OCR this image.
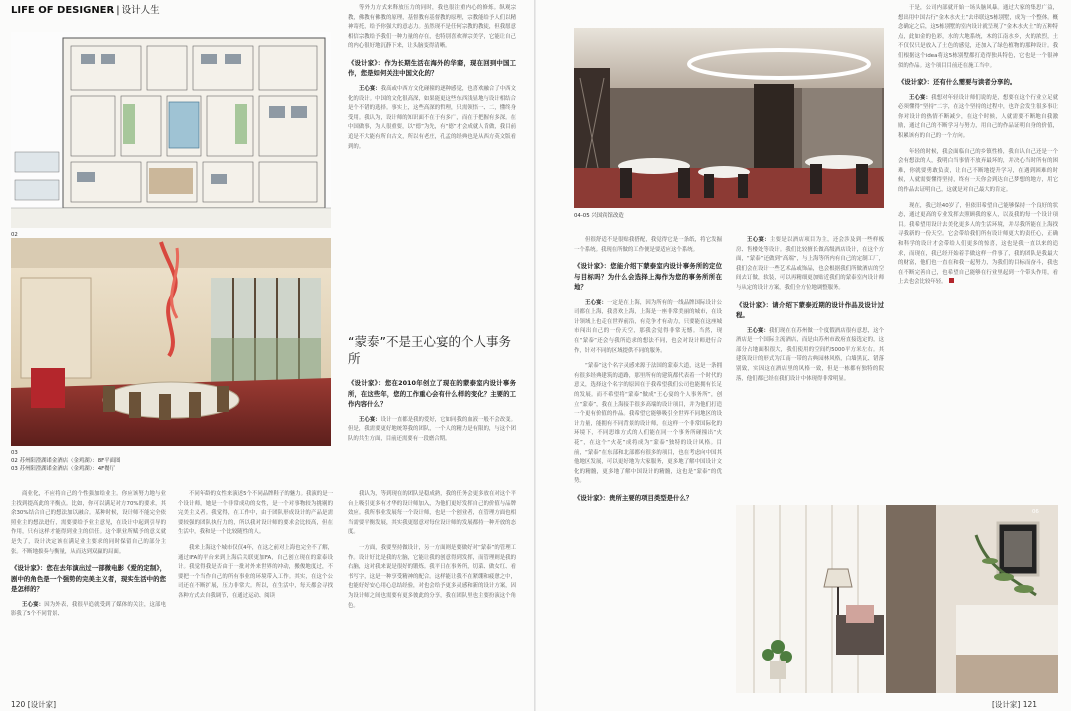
LIFE OF DESIGNER | 设计人生
02
03
02 苏州阳澄湖诺金酒店（金鸡湖）：8F平面图
03 苏州阳澄湖诺金酒店（金鸡湖）：4F餐厅

等外力方式来释放压力的同时，我也很注重内心的修炼。纵观宗教，佛教有佛教的原理，基督教有基督教的原理，宗教能给予人们以精神寄托，给予你强大的意志力。虽然现不是任何宗教的教徒，但我愿意相信宗教给予我们一种力量的存在，也特别喜欢禅宗美学，它能让自己的内心很好地沉静下来，让头脑变得清晰。

《设计家》：作为长期生活在海外的华裔，现在回到中国工作，您是如何关注中国文化的？

王心宴：我高或中西方文化碰撞的逐种感觉，也喜欢融合了中西文化的设计。中国的文化很高深，如果能更这些东西浅显地与设计相结合是个不错的选择。事实上，这些高深的哲理，只需领悟一、二，懂终身受用。我认为，设计师的知识面不在于有多广，而在于把握有多深。在中国做事，为人很重要，以“德”为先，有“德”才会成就人肯做，我目前追是不大能有所自古文，所以有老庄，孔孟的经典也是从西方英文版看到的。

“蒙泰”不是王心宴的个人事务所

《设计家》：您在2010年创立了现在的蒙泰室内设计事务所，在这些年，您的工作重心会有什么样的变化？主要的工作内容什么？

王心宴：设计一直都是我的爱好，它如同我的血液一般不会改变。但是，我需要更好地统筹我的团队，一个人的精力是有限的，与这个团队的共生方面，目前还需要有一段磨合期。

商业化，不应将自己的个性强加给业主。你应该努力地与业主找到提高此的平衡点。比如，你可以满足对方70%的要求，其余30%结合自己的想法加以融合。某种时候，设计师不能完全依照业主的想法进行，需要要给予业主意见，在设计中起到引导的作用，只有这样才能得到业主的信任。这个职业所赋予的意义就是失了，设计决定该在满足业主要求的同时保留自己的部分主张。不断地拔奏与衡量，从而达到双赢的局面。

《设计家》：您在去年演出过一部微电影《爱的定制》，剧中的角色是一个强势的完美主义者，现实生活中的您是怎样的？

王心宴：因为外表，我很早追就受到了媒体的关注，这部电影我了5个不同背景、

不同年龄的女性来演述5个不同品牌鞋子的魅力。我演的是一个设计师，她是一个非常成功的女性，是一个对事物较为挑剔的完美主义者。我觉得，在工作中，由于团队形成设计的产品是需要较强的团队执行力的，所以我对设计师的要求会比较高，但在生活中，我和是一个比较随性的人。

我来上海这个城市仅仅4年，在这之前对上海也完全不了解，通过IFA的平台来到上海后关联更加FA，自己创立现在的蒙泰设计。我觉得我是否由于一批对外来世界的冲动，搬俊地度过，不要把一个当作自己的所有事业的环境带入工作。其实，在这个公司还在不断扩展，压力非常大。所以，在生活中，每天都会寻找各种方式去自我调节，在通过运动、阅读

我认为，等到现在的团队是稳成熟，我的任务会更多放在对这个平台上吸引更多有才华的设计师加入，为他们更好发挥自己的价值与品牌效应。我所事业发展每一个设计师，也是一个创业者，在管理方面也相当需要平衡发展，其实我更愿意对每位设计师的发展都持一种开放的态度。

一方面，我要坚持做设计，另一方面则是要做好对“蒙泰”的管理工作。设计好比是我的左脑，它能让我的创意得到发挥，而管理则是我的右脑，这对我来说是很好的锻炼。我平日在事务所，切菜、做女红、看书写字，这是一种享受精神的配合。这样能让我不在紧绷和疲惫之中，也能好好安心用心总结经验，对也会给予更多灵感和新的设计方案，因为设计师之间也需要有更多彼此的分享，我在团队里也主要扮演这个角色。

120 [设计家]
04-05 兴国宾馆改造

但很舒适不是很贴我搭配，我觉得它是一条纸，将它发掘一个系统。我现在所做的工作便是要适应这个系统。

《设计家》：您能介绍下蒙泰室内设计事务所的定位与目标吗？为什么会选择上海作为您的事务所所在地？

王心宴：一定是在上海，因为所有的一线品牌国际设计公司都在上海，我喜欢上海，上海是一座非常美丽的城市，在设计领域上也走在世界前沿，有竞争才有动力，只要能在这座城市闯出自己的一份天空，那我会觉得非常无憾。当然，现在“蒙泰”还会与我所追求的想法不同，也会对设计师进行合作，针对不同的区域提供不同的服务。

“蒙泰”这个名字灵感来源于法国的蒙泰大道，这是一条拥有很多经典建筑的道路，那里所有的建筑都代表着一个时代的意义，选择这个名字的原因在于我希望我们公司也能拥有长足的发展。而不希望将“蒙泰”做成“王心宴的个人事务所”，创立“蒙泰”，我在上海接手很多高端的设计项目，并为他们打造一个更有价值的作品。我希望它能够吸引全世界不同地区的设计力量，能拥有不同背景的设计师，在这样一个非常国际化的环境下，不同思维方式的人们能在同一个事务所碰撞出“火花”，在这个“火花”成将成为“蒙泰”独特的设计风格。目前，“蒙泰”在东部和北部都有很多的项目，也在考虑向中国其他地区发展，可以更好地为大家服务，更多地了解中国设计文化的精髓，更多地了解中国设计的精髓，这也是“蒙泰”的优势。

《设计家》：贵所主要的项目类型是什么？

王心宴：主要是以酒店项目为主，还会涉及到一些样板房、售楼处等设计。我们比较擅长做高级酒店设计，在这个方面，“蒙泰”还做到“高端”，与上海等所内有自己的定制工厂，我们会在设计一些艺术品或饰品，也会根据我们所做酒店的空间去订做，软装，可以再精细更加贴近我们的蒙泰室内设计师与从定的设计方案，我们全方位地调整服务。

《设计家》：请介绍下蒙泰近期的设计作品及设计过程。

王心宴：我们现在在苏州做一个度假酒店很有意思，这个酒店是一个国际主流酒店，而是由苏州市政府直接选定的，这部分占地面积很大，我们使用的空间约5000平方米左右。其建筑设计的形式为江南一带的古典园林风格，白墙黑瓦、错落别致，实因这在酒店里的风格一致，但是一栋都有独特的院落，他们都已经在我们设计中体现得非常明显。

于是，公司内部就开始一场头脑风暴。通过大家的集思广益，想出用中国古行“金木水火土”去串联这5栋别墅，成为一个整体。概念确定之后，这5栋别墅的室内设计就呈现了“金木水火土”的五种特点，此如金的色彩，水的大地系统，木的江南水乡，火的浓烈，土不仅仅只是放入了土色的感觉，还加入了绿色植物的那种设计。我们根据这个idea将这5栋别墅都打造得独具特色，它也是一个很神似的作品。这个项目目前还在施工当中。

《设计家》：还有什么需要与读者分享的。

王心宴：我想对年轻设计师们说的是，想要在这个行业立足就必须懂得“坚持”二字，在这个坚持的过程中，也许会发生很多事让你对设计的热情不断减少，在这个时候，人就需要不断地自我激励，通过自己的不断学习与努力，用自己的作品证明自身的价值，积累该有的自己的一个方向。

年轻的时候，我会面临自己的乡镇性格，我自认自己还是一个会有想法的人，我明白当事情不放弃最坏的，并决心当时所有的困难，你就要勇敢负责，让自己不断地提升学习，在遇到困难的时候，人就需要懂得坚持，终有一天你会到达自己梦想的地方，用它的作品去证明自己，这就是对自己最大的肯定。

现在，我已经40岁了，但依旧希望自己能够保持一个良好的状态，通过更高的专业发挥去照顾我的家人，以及我的每一个设计项目。我希望用设计去美化更多人的生活环境，并尽我所能在上海找寻我新的一份天空。它会带给我们所有设计师更大的责任心，正确和科学的设计才会带给人们更多的惊喜，这也是我一直以来的追求，而现在，我已经开始着手做这样一件事了，我的团队是我最大的财富，他们也一直在和我一起努力，为我们的目标而奋斗，我也在不断完善自己，也希望自己能够在行业里起到一个带头作用，看上去也会比较年轻。

06
[设计家] 121
